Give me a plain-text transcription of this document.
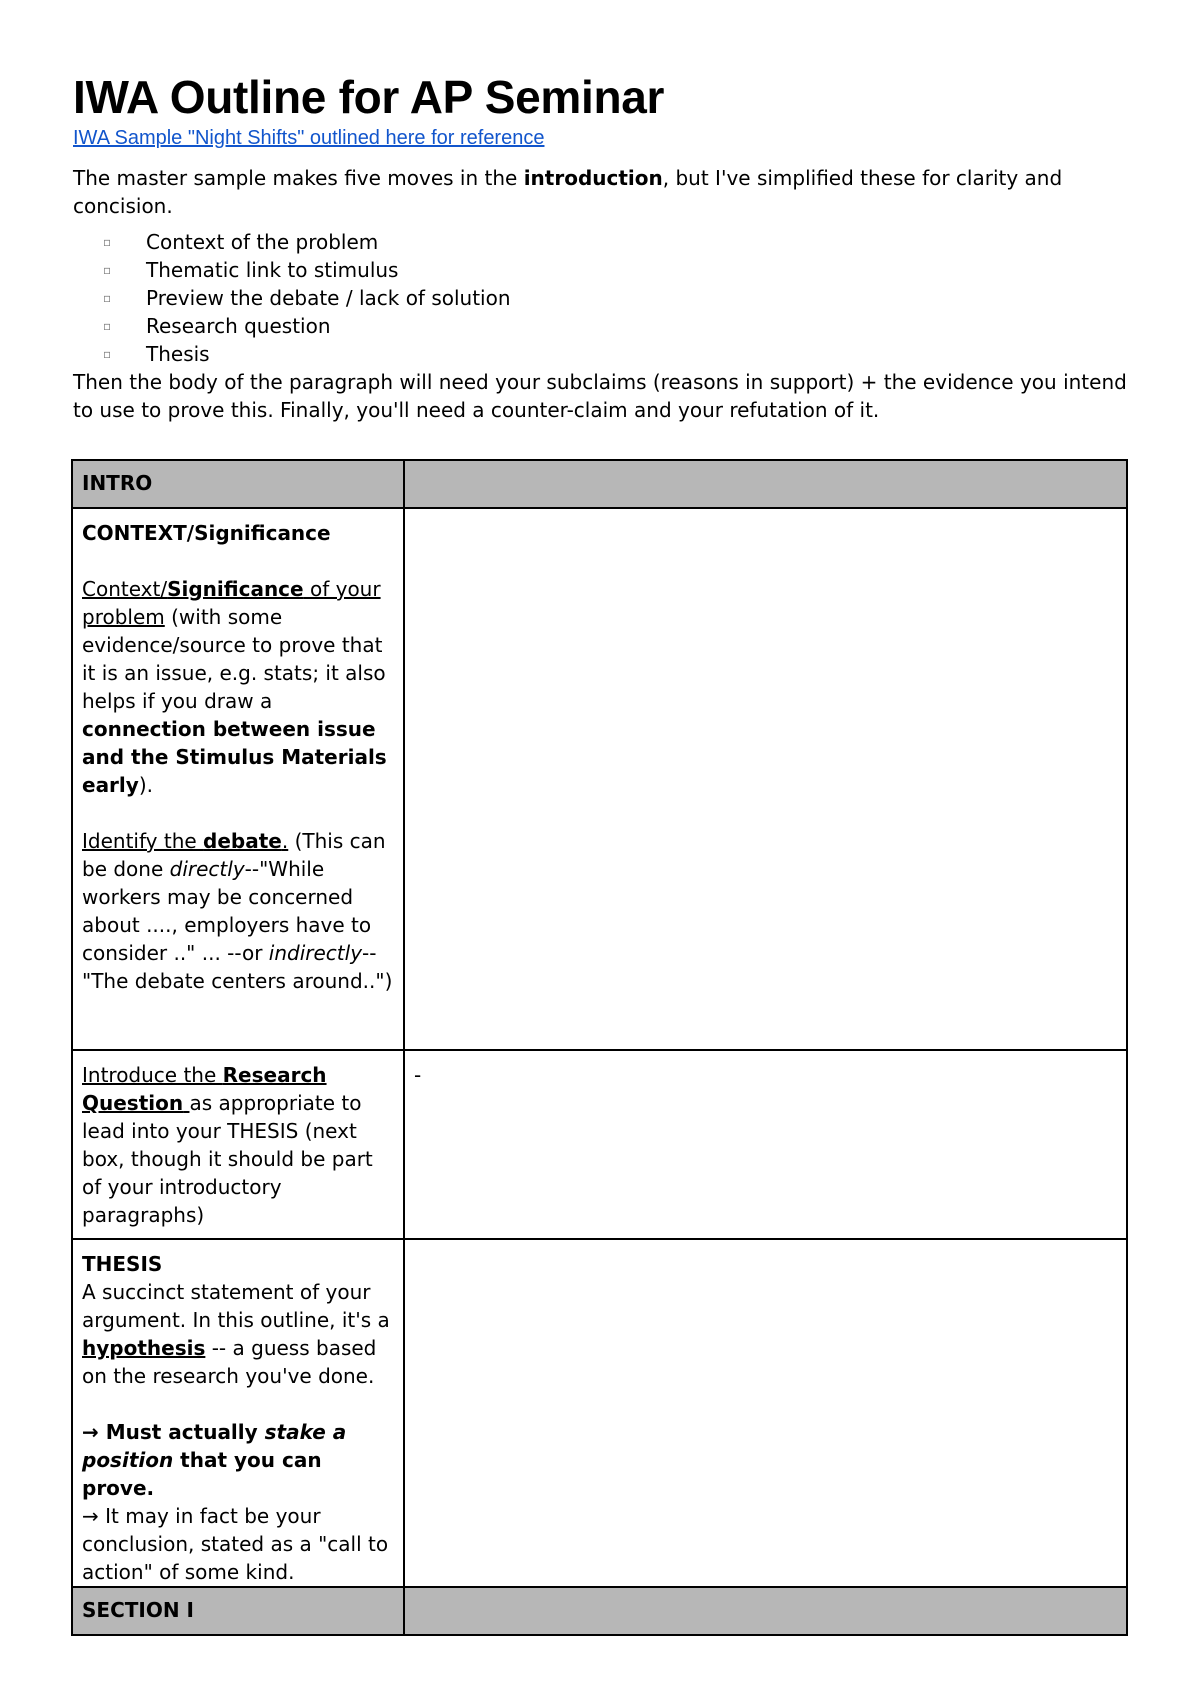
IWA Outline for AP Seminar
IWA Sample "Night Shifts" outlined here for reference

The master sample makes five moves in the introduction, but I've simplified these for clarity and concision.

▫ Context of the problem
▫ Thematic link to stimulus
▫ Preview the debate / lack of solution
▫ Research question
▫ Thesis

Then the body of the paragraph will need your subclaims (reasons in support) + the evidence you intend to use to prove this. Finally, you'll need a counter-claim and your refutation of it.

INTRO	
CONTEXT/Significance
Context/Significance of your problem (with some evidence/source to prove that it is an issue, e.g. stats; it also helps if you draw a connection between issue and the Stimulus Materials early).
Identify the debate. (This can be done directly--"While workers may be concerned about ...., employers have to consider .." ... --or indirectly--"The debate centers around..")	
Introduce the Research Question as appropriate to lead into your THESIS (next box, though it should be part of your introductory paragraphs)	-
THESIS
A succinct statement of your argument. In this outline, it's a hypothesis -- a guess based on the research you've done.
→ Must actually stake a position that you can prove.
→ It may in fact be your conclusion, stated as a "call to action" of some kind.	
SECTION I	
